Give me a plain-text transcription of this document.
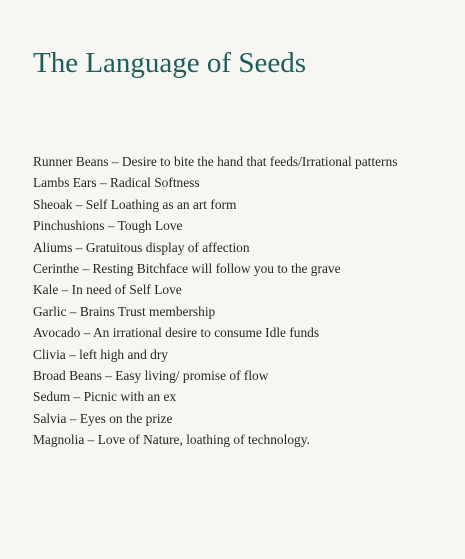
The Language of Seeds
Runner Beans – Desire to bite the hand that feeds/Irrational patterns
Lambs Ears – Radical Softness
Sheoak – Self Loathing as an art form
Pinchushions – Tough Love
Aliums – Gratuitous display of affection
Cerinthe – Resting Bitchface will follow you to the grave
Kale – In need of Self Love
Garlic – Brains Trust membership
Avocado – An irrational desire to consume Idle funds
Clivia – left high and dry
Broad Beans – Easy living/ promise of flow
Sedum – Picnic with an ex
Salvia – Eyes on the prize
Magnolia – Love of Nature, loathing of technology.
